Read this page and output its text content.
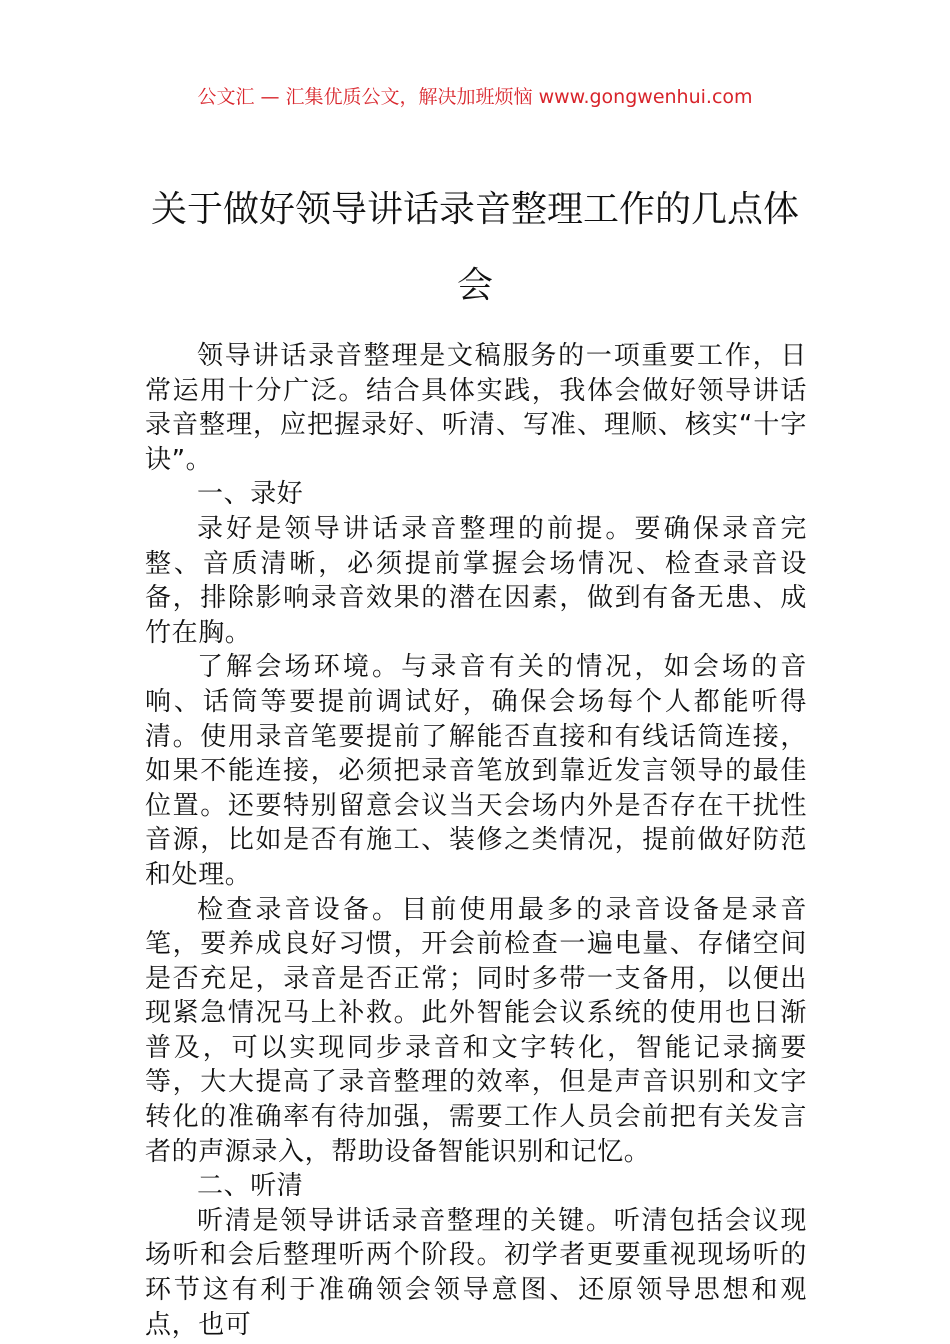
公文汇 — 汇集优质公文，解决加班烦恼 www.gongwenhui.com
关于做好领导讲话录音整理工作的几点体会

领导讲话录音整理是文稿服务的一项重要工作，日常运用十分广泛。结合具体实践，我体会做好领导讲话录音整理，应把握录好、听清、写准、理顺、核实“十字诀”。

一、录好

录好是领导讲话录音整理的前提。要确保录音完整、音质清晰，必须提前掌握会场情况、检查录音设备，排除影响录音效果的潜在因素，做到有备无患、成竹在胸。

了解会场环境。与录音有关的情况，如会场的音响、话筒等要提前调试好，确保会场每个人都能听得清。使用录音笔要提前了解能否直接和有线话筒连接，如果不能连接，必须把录音笔放到靠近发言领导的最佳位置。还要特别留意会议当天会场内外是否存在干扰性音源，比如是否有施工、装修之类情况，提前做好防范和处理。

检查录音设备。目前使用最多的录音设备是录音笔，要养成良好习惯，开会前检查一遍电量、存储空间是否充足，录音是否正常；同时多带一支备用，以便出现紧急情况马上补救。此外智能会议系统的使用也日渐普及，可以实现同步录音和文字转化，智能记录摘要等，大大提高了录音整理的效率，但是声音识别和文字转化的准确率有待加强，需要工作人员会前把有关发言者的声源录入，帮助设备智能识别和记忆。

二、听清

听清是领导讲话录音整理的关键。听清包括会议现场听和会后整理听两个阶段。初学者更要重视现场听的环节这有利于准确领会领导意图、还原领导思想和观点，也可
